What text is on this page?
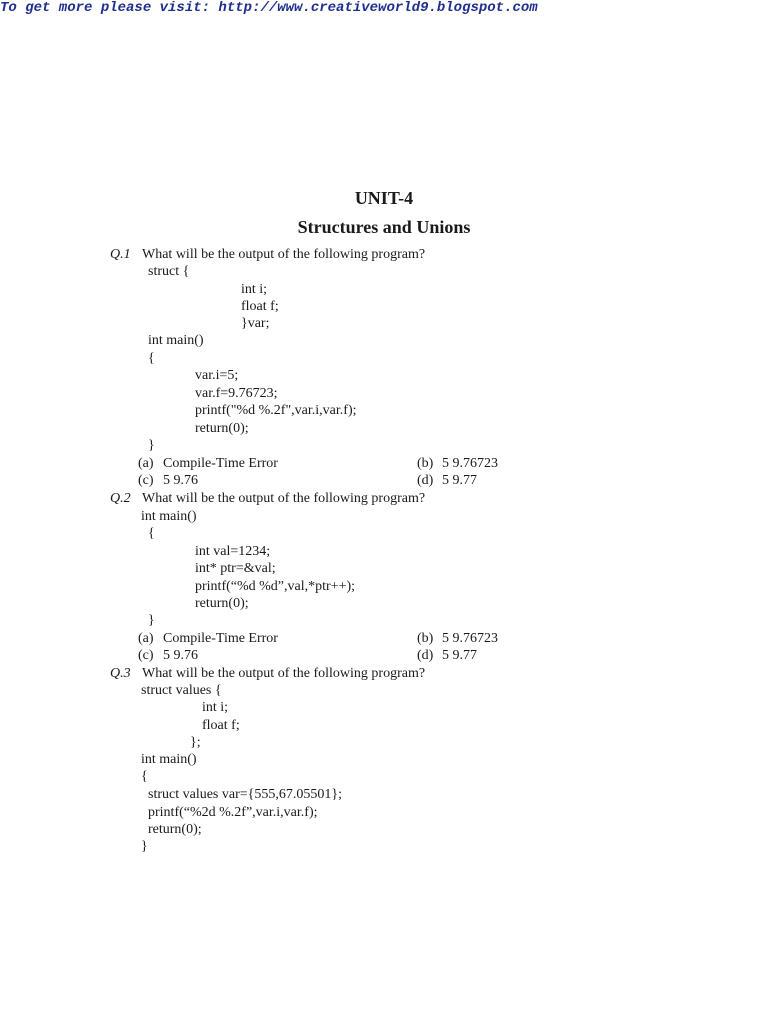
To get more please visit: http://www.creativeworld9.blogspot.com
UNIT-4
Structures and Unions
Q.1 What will be the output of the following program?
struct {
int i;
float f;
}var;
int main()
{
var.i=5;
var.f=9.76723;
printf("%d %.2f",var.i,var.f);
return(0);
}
(a) Compile-Time Error	(b) 5 9.76723
(c) 5 9.76	(d) 5 9.77
Q.2 What will be the output of the following program?
int main()
{
int val=1234;
int* ptr=&val;
printf(“%d %d”,val,*ptr++);
return(0);
}
(a) Compile-Time Error	(b) 5 9.76723
(c) 5 9.76	(d) 5 9.77
Q.3 What will be the output of the following program?
struct values {
int i;
float f;
};
int main()
{
struct values var={555,67.05501};
printf(“%2d %.2f”,var.i,var.f);
return(0);
}
